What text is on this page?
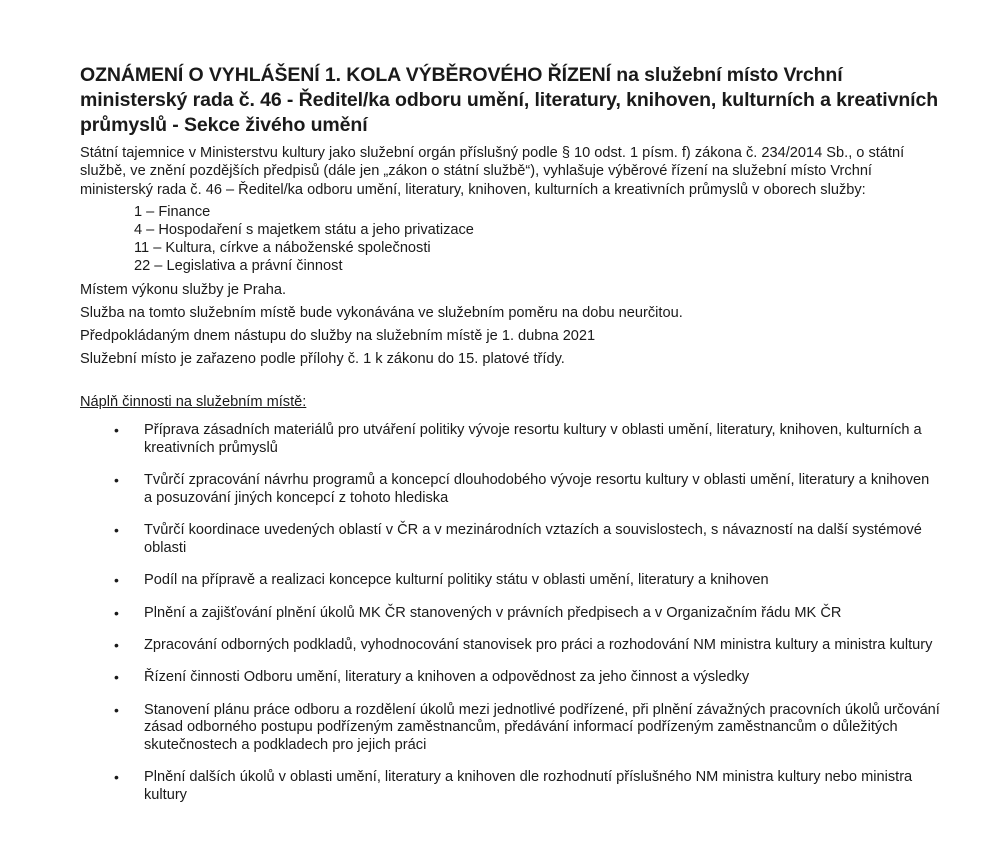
OZNÁMENÍ O VYHLÁŠENÍ 1. KOLA VÝBĚROVÉHO ŘÍZENÍ na služební místo Vrchní ministerský rada č. 46 - Ředitel/ka odboru umění, literatury, knihoven, kulturních a kreativních průmyslů - Sekce živého umění

Státní tajemnice v Ministerstvu kultury jako služební orgán příslušný podle § 10 odst. 1 písm. f) zákona č. 234/2014 Sb., o státní službě, ve znění pozdějších předpisů (dále jen „zákon o státní službě“), vyhlašuje výběrové řízení na služební místo Vrchní ministerský rada č. 46 – Ředitel/ka odboru umění, literatury, knihoven, kulturních a kreativních průmyslů v oborech služby:

1 – Finance
4 – Hospodaření s majetkem státu a jeho privatizace
11 – Kultura, církve a náboženské společnosti
22 – Legislativa a právní činnost

Místem výkonu služby je Praha.

Služba na tomto služebním místě bude vykonávána ve služebním poměru na dobu neurčitou.

Předpokládaným dnem nástupu do služby na služebním místě je 1. dubna 2021

Služební místo je zařazeno podle přílohy č. 1 k zákonu do 15. platové třídy.

Náplň činnosti na služebním místě:

• Příprava zásadních materiálů pro utváření politiky vývoje resortu kultury v oblasti umění, literatury, knihoven, kulturních a kreativních průmyslů
• Tvůrčí zpracování návrhu programů a koncepcí dlouhodobého vývoje resortu kultury v oblasti umění, literatury a knihoven a posuzování jiných koncepcí z tohoto hlediska
• Tvůrčí koordinace uvedených oblastí v ČR a v mezinárodních vztazích a souvislostech, s návazností na další systémové oblasti
• Podíl na přípravě a realizaci koncepce kulturní politiky státu v oblasti umění, literatury a knihoven
• Plnění a zajišťování plnění úkolů MK ČR stanovených v právních předpisech a v Organizačním řádu MK ČR
• Zpracování odborných podkladů, vyhodnocování stanovisek pro práci a rozhodování NM ministra kultury a ministra kultury
• Řízení činnosti Odboru umění, literatury a knihoven a odpovědnost za jeho činnost a výsledky
• Stanovení plánu práce odboru a rozdělení úkolů mezi jednotlivé podřízené, při plnění závažných pracovních úkolů určování zásad odborného postupu podřízeným zaměstnancům, předávání informací podřízeným zaměstnancům o důležitých skutečnostech a podkladech pro jejich práci
• Plnění dalších úkolů v oblasti umění, literatury a knihoven dle rozhodnutí příslušného NM ministra kultury nebo ministra kultury
